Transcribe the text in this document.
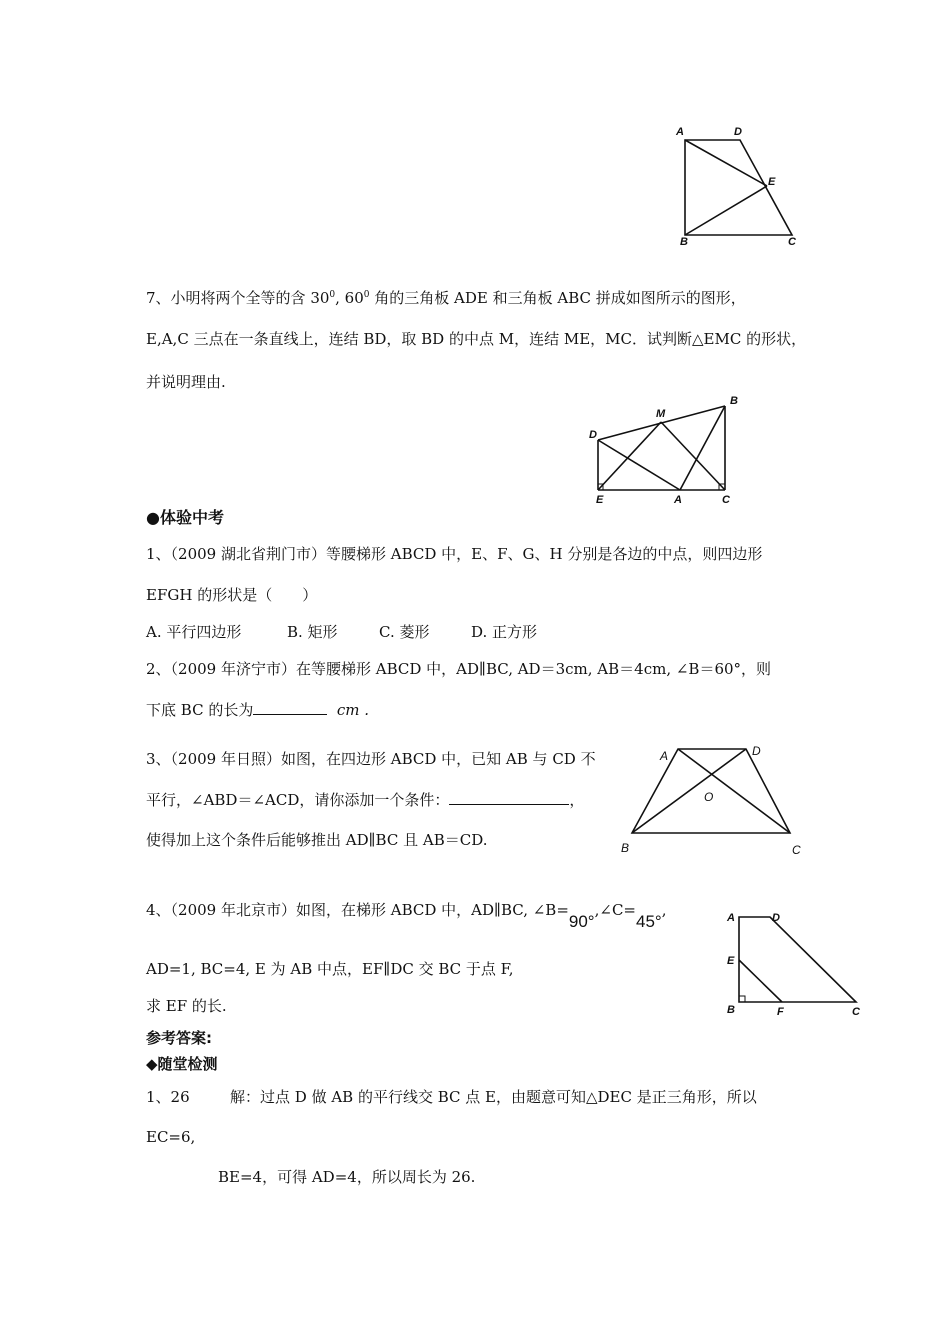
A	D
E
B	C
7、小明将两个全等的含 $30^0$, $60^0$ 角的三角板 ADE 和三角板 ABC 拼成如图所示的图形，
E,A,C 三点在一条直线上，连结 BD，取 BD 的中点 M，连结 ME，MC．试判断△EMC 的形状，
并说明理由.
M
B
D
E	A	C
●体验中考
1、（2009 湖北省荆门市）等腰梯形 ABCD 中，E、F、G、H 分别是各边的中点，则四边形
EFGH 的形状是（　　）
A. 平行四边形	B. 矩形	C. 菱形	D. 正方形
2、（2009 年济宁市）在等腰梯形 ABCD 中，AD∥BC, AD＝3cm, AB＝4cm, ∠B＝60°，则
下底 BC 的长为	cm .
3、（2009 年日照）如图，在四边形 ABCD 中，已知 AB 与 CD 不
平行，∠ABD＝∠ACD，请你添加一个条件：	，
使得加上这个条件后能够推出 AD∥BC 且 AB＝CD.
A	D
O
B	C
4、（2009 年北京市）如图，在梯形 ABCD 中，AD∥BC, ∠B=90°,∠C=45°,
AD=1, BC=4, E 为 AB 中点，EF∥DC 交 BC 于点 F,
求 EF 的长.
A	D
E
B	F	C
参考答案:
◆随堂检测
1、26	解：过点 D 做 AB 的平行线交 BC 点 E，由题意可知△DEC 是正三角形，所以
EC=6,
BE=4，可得 AD=4，所以周长为 26.
